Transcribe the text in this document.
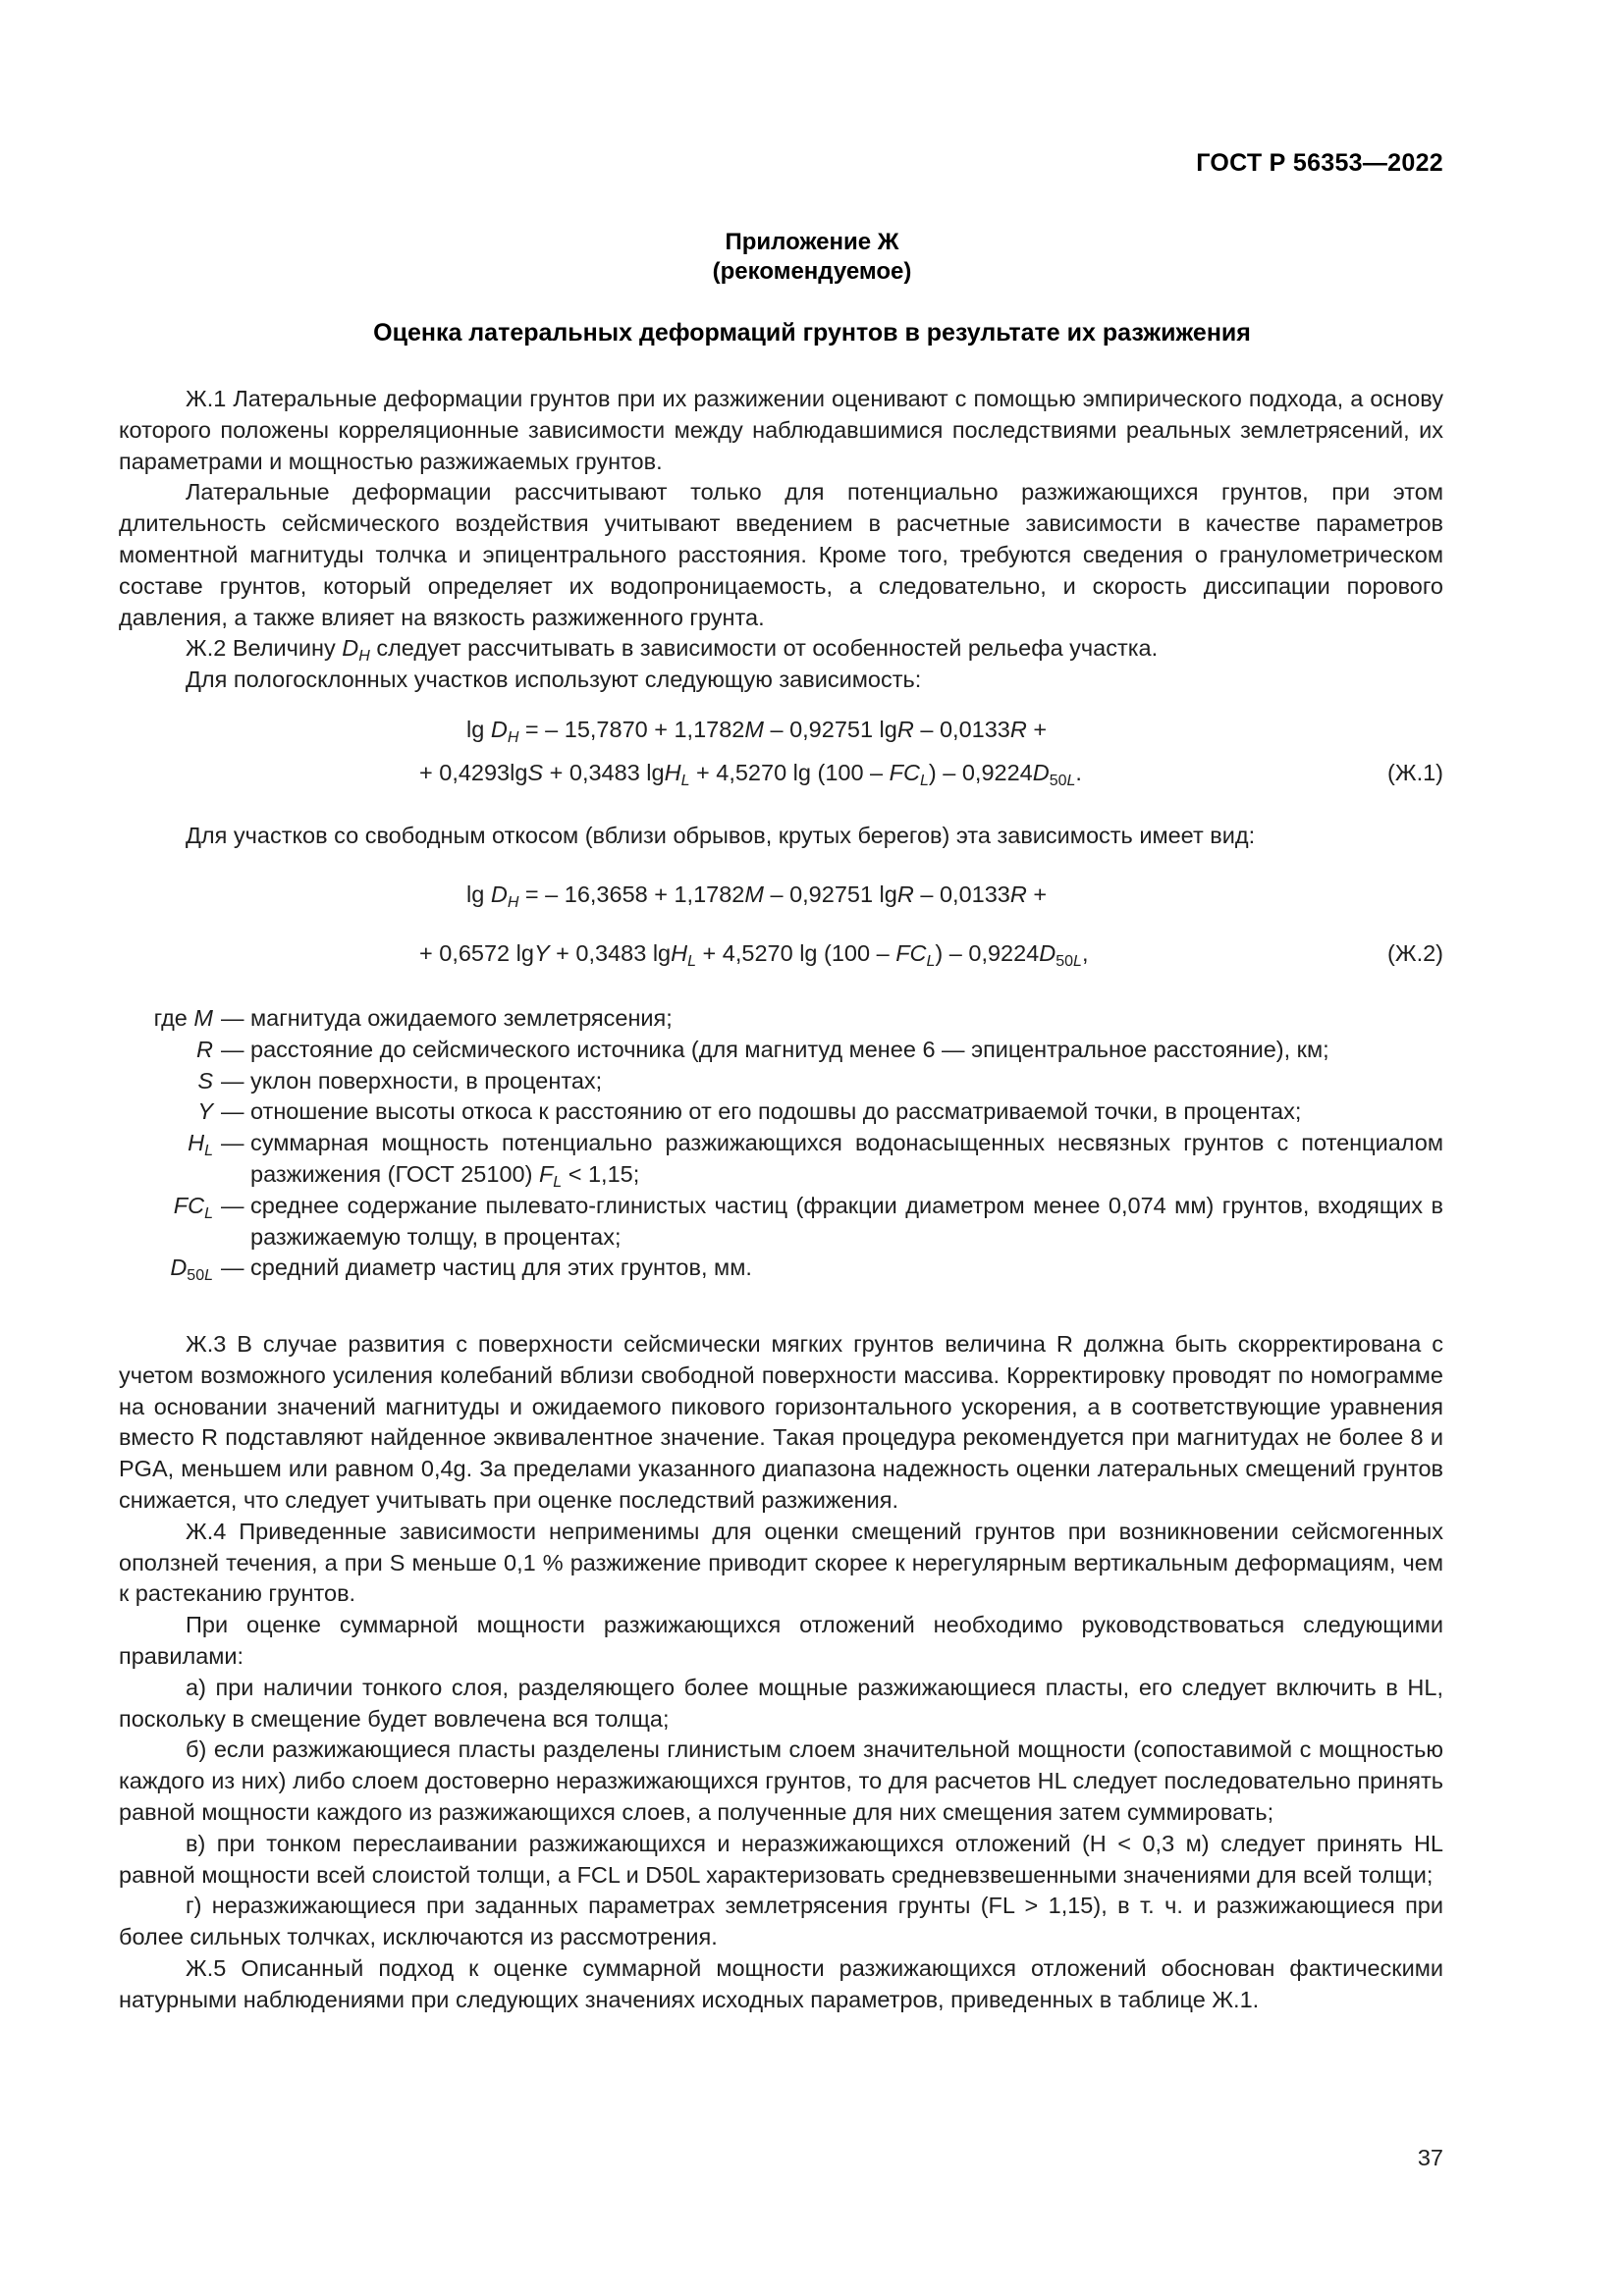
ГОСТ Р 56353—2022
Приложение Ж
(рекомендуемое)
Оценка латеральных деформаций грунтов в результате их разжижения

Ж.1 Латеральные деформации грунтов при их разжижении оценивают с помощью эмпирического подхода, а основу которого положены корреляционные зависимости между наблюдавшимися последствиями реальных землетрясений, их параметрами и мощностью разжижаемых грунтов.

Латеральные деформации рассчитывают только для потенциально разжижающихся грунтов, при этом длительность сейсмического воздействия учитывают введением в расчетные зависимости в качестве параметров моментной магнитуды толчка и эпицентрального расстояния. Кроме того, требуются сведения о гранулометрическом составе грунтов, который определяет их водопроницаемость, а следовательно, и скорость диссипации порового давления, а также влияет на вязкость разжиженного грунта.

Ж.2 Величину $D_H$ следует рассчитывать в зависимости от особенностей рельефа участка.

Для пологосклонных участков используют следующую зависимость:

$\lg D_H$ = – 15,7870 + 1,1782M – 0,92751 lgR – 0,0133R +
+ 0,4293lgS + 0,3483 lgH$_L$ + 4,5270 $\lg (100 - FC_L) - 0,9224D_{50L}$.	(Ж.1)

Для участков со свободным откосом (вблизи обрывов, крутых берегов) эта зависимость имеет вид:

$\lg D_H$ = – 16,3658 + 1,1782M – 0,92751 lgR – 0,0133R +
+ 0,6572 lgY + 0,3483 lgH$_L$ + 4,5270 $\lg (100 - FC_L) - 0,9224D_{50L}$,	(Ж.2)
где M — магнитуда ожидаемого землетрясения;
R — расстояние до сейсмического источника (для магнитуд менее 6 — эпицентральное расстояние), км;
S — уклон поверхности, в процентах;
Y — отношение высоты откоса к расстоянию от его подошвы до рассматриваемой точки, в процентах;
$H_L$ — суммарная мощность потенциально разжижающихся водонасыщенных несвязных грунтов с потенциалом разжижения (ГОСТ 25100) $F_L < 1,15$;
$FC_L$ — среднее содержание пылевато-глинистых частиц (фракции диаметром менее 0,074 мм) грунтов, входящих в разжижаемую толщу, в процентах;
$D_{50L}$ — средний диаметр частиц для этих грунтов, мм.

Ж.3 В случае развития с поверхности сейсмически мягких грунтов величина R должна быть скорректирована с учетом возможного усиления колебаний вблизи свободной поверхности массива. Корректировку проводят по номограмме на основании значений магнитуды и ожидаемого пикового горизонтального ускорения, а в соответствующие уравнения вместо R подставляют найденное эквивалентное значение. Такая процедура рекомендуется при магнитудах не более 8 и PGA, меньшем или равном 0,4g. За пределами указанного диапазона надежность оценки латеральных смещений грунтов снижается, что следует учитывать при оценке последствий разжижения.

Ж.4 Приведенные зависимости неприменимы для оценки смещений грунтов при возникновении сейсмогенных оползней течения, а при S меньше 0,1 % разжижение приводит скорее к нерегулярным вертикальным деформациям, чем к растеканию грунтов.

При оценке суммарной мощности разжижающихся отложений необходимо руководствоваться следующими правилами:

а) при наличии тонкого слоя, разделяющего более мощные разжижающиеся пласты, его следует включить в HL, поскольку в смещение будет вовлечена вся толща;

б) если разжижающиеся пласты разделены глинистым слоем значительной мощности (сопоставимой с мощностью каждого из них) либо слоем достоверно неразжижающихся грунтов, то для расчетов HL следует последовательно принять равной мощности каждого из разжижающихся слоев, а полученные для них смещения затем суммировать;

в) при тонком переслаивании разжижающихся и неразжижающихся отложений (H < 0,3 м) следует принять HL равной мощности всей слоистой толщи, а FCL и D50L характеризовать средневзвешенными значениями для всей толщи;

г) неразжижающиеся при заданных параметрах землетрясения грунты (FL > 1,15), в т. ч. и разжижающиеся при более сильных толчках, исключаются из рассмотрения.

Ж.5 Описанный подход к оценке суммарной мощности разжижающихся отложений обоснован фактическими натурными наблюдениями при следующих значениях исходных параметров, приведенных в таблице Ж.1.

37
